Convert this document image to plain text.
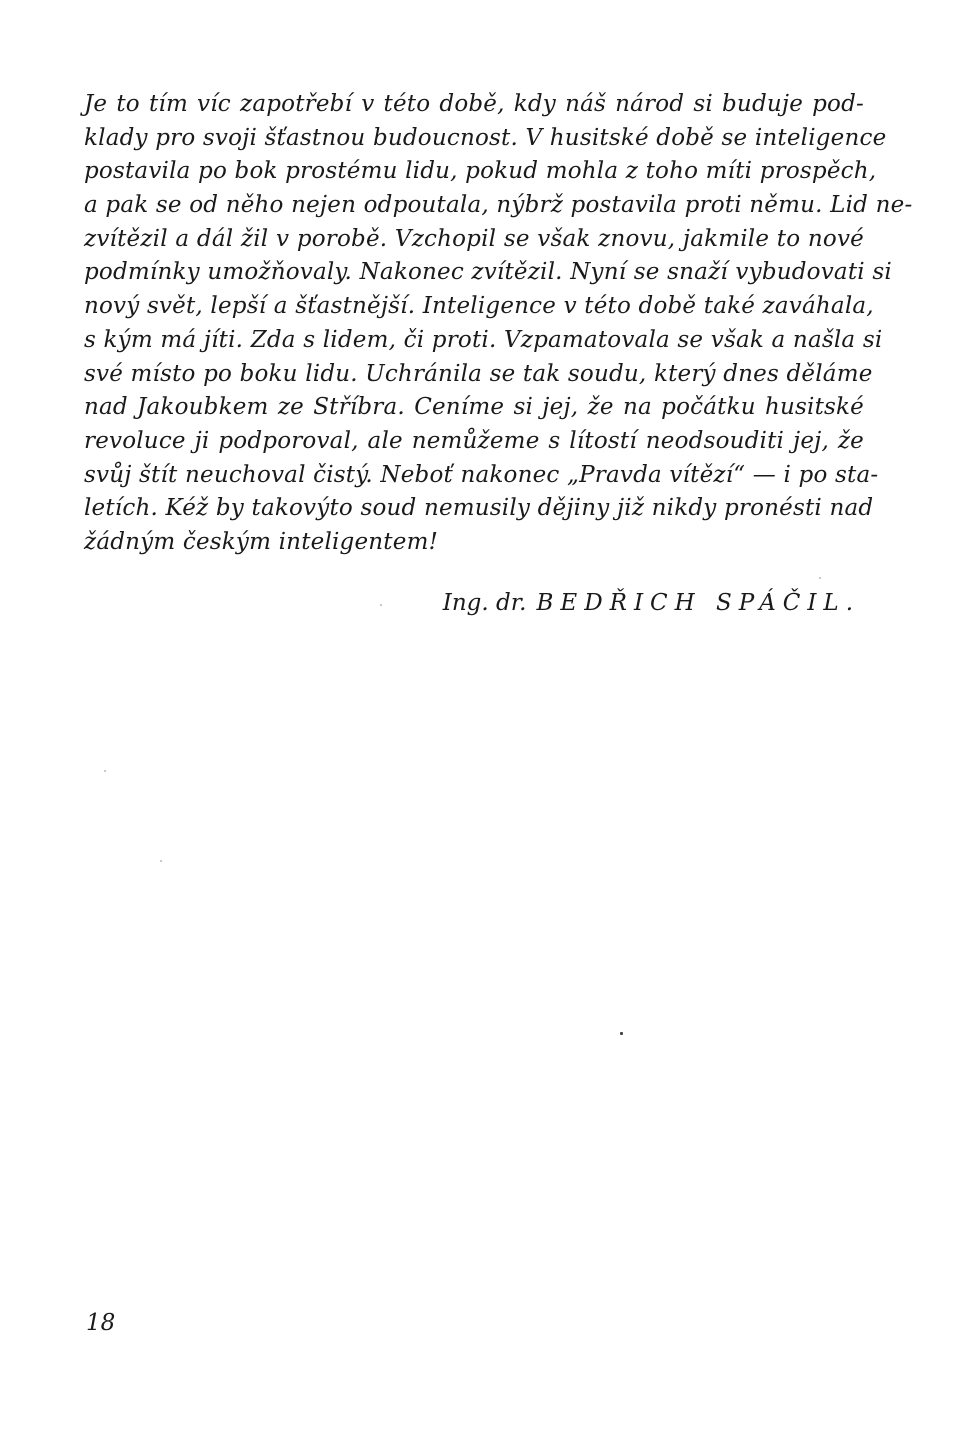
Je to tím víc zapotřebí v této době, kdy náš národ si buduje pod-
klady pro svoji šťastnou budoucnost. V husitské době se inteligence
postavila po bok prostému lidu, pokud mohla z toho míti prospěch,
a pak se od něho nejen odpoutala, nýbrž postavila proti němu. Lid ne-
zvítězil a dál žil v porobě. Vzchopil se však znovu, jakmile to nové
podmínky umožňovaly. Nakonec zvítězil. Nyní se snaží vybudovati si
nový svět, lepší a šťastnější. Inteligence v této době také zaváhala,
s kým má jíti. Zda s lidem, či proti. Vzpamatovala se však a našla si
své místo po boku lidu. Uchránila se tak soudu, který dnes děláme
nad Jakoubkem ze Stříbra. Ceníme si jej, že na počátku husitské
revoluce ji podporoval, ale nemůžeme s lítostí neodsouditi jej, že
svůj štít neuchoval čistý. Neboť nakonec „Pravda vítězí“ — i po sta-
letích. Kéž by takovýto soud nemusily dějiny již nikdy pronésti nad
žádným českým inteligentem!
Ing. dr. BEDŘICH SPÁČIL.
18
